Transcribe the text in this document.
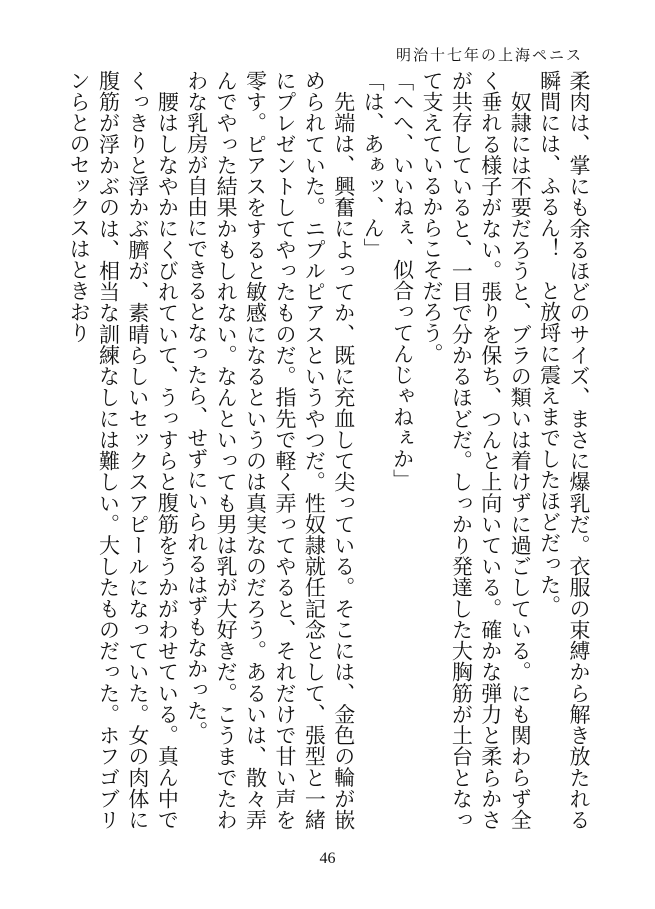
明治十七年の上海ペニス

柔肉は、掌にも余るほどのサイズ、まさに爆乳だ。衣服の束縛から解き放たれる瞬間には、ふるん！　と放埒に震えまでしたほどだった。

奴隷には不要だろうと、ブラの類いは着けずに過ごしている。にも関わらず全く垂れる様子がない。張りを保ち、つんと上向いている。確かな弾力と柔らかさが共存していると、一目で分かるほどだ。しっかり発達した大胸筋が土台となって支えているからこそだろう。

「へへ、いいねぇ、似合ってんじゃねぇか」

「は、あぁッ、ん」

先端は、興奮によってか、既に充血して尖っている。そこには、金色の輪が嵌められていた。ニプルピアスというやつだ。性奴隷就任記念として、張型と一緒にプレゼントしてやったものだ。指先で軽く弄ってやると、それだけで甘い声を零す。ピアスをすると敏感になるというのは真実なのだろう。あるいは、散々弄んでやった結果かもしれない。なんといっても男は乳が大好きだ。こうまでたわわな乳房が自由にできるとなったら、せずにいられるはずもなかった。

腰はしなやかにくびれていて、うっすらと腹筋をうかがわせている。真ん中でくっきりと浮かぶ臍が、素晴らしいセックスアピールになっていた。女の肉体に腹筋が浮かぶのは、相当な訓練なしには難しい。大したものだった。ホフゴブリンらとのセックスはときおり

46
